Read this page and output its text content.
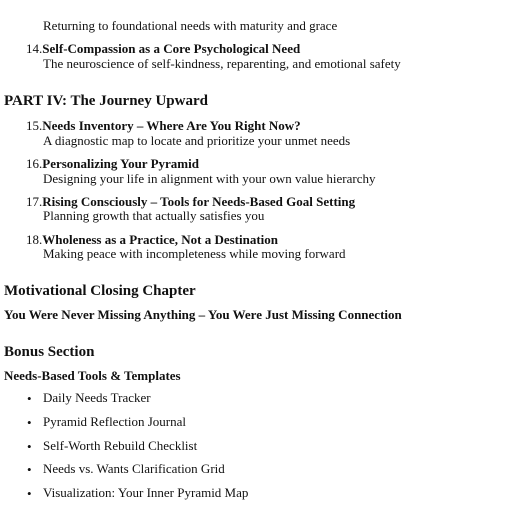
Returning to foundational needs with maturity and grace
14.Self-Compassion as a Core Psychological Need
The neuroscience of self-kindness, reparenting, and emotional safety
PART IV: The Journey Upward
15.Needs Inventory – Where Are You Right Now?
A diagnostic map to locate and prioritize your unmet needs
16.Personalizing Your Pyramid
Designing your life in alignment with your own value hierarchy
17.Rising Consciously – Tools for Needs-Based Goal Setting
Planning growth that actually satisfies you
18.Wholeness as a Practice, Not a Destination
Making peace with incompleteness while moving forward
Motivational Closing Chapter
You Were Never Missing Anything – You Were Just Missing Connection
Bonus Section
Needs-Based Tools & Templates
• Daily Needs Tracker
• Pyramid Reflection Journal
• Self-Worth Rebuild Checklist
• Needs vs. Wants Clarification Grid
• Visualization: Your Inner Pyramid Map
